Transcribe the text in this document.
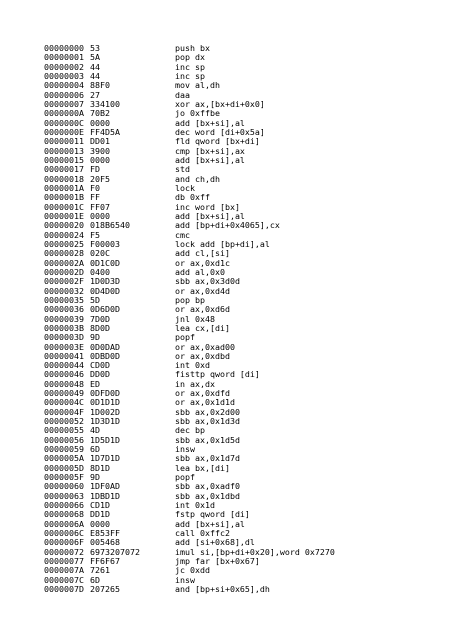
00000000 53	push bx
00000001 5A	pop dx
00000002 44	inc sp
00000003 44	inc sp
00000004 88F0	mov al,dh
00000006 27	daa
00000007 334100	xor ax,[bx+di+0x0]
0000000A 70B2	jo 0xffbe
0000000C 0000	add [bx+si],al
0000000E FF4D5A	dec word [di+0x5a]
00000011 DD01	fld qword [bx+di]
00000013 3900	cmp [bx+si],ax
00000015 0000	add [bx+si],al
00000017 FD	std
00000018 20F5	and ch,dh
0000001A F0	lock
0000001B FF	db 0xff
0000001C FF07	inc word [bx]
0000001E 0000	add [bx+si],al
00000020 018B6540	add [bp+di+0x4065],cx
00000024 F5	cmc
00000025 F00003	lock add [bp+di],al
00000028 020C	add cl,[si]
0000002A 0D1C0D	or ax,0xd1c
0000002D 0400	add al,0x0
0000002F 1D0D3D	sbb ax,0x3d0d
00000032 0D4D0D	or ax,0xd4d
00000035 5D	pop bp
00000036 0D6D0D	or ax,0xd6d
00000039 7D0D	jnl 0x48
0000003B 8D0D	lea cx,[di]
0000003D 9D	popf
0000003E 0D0DAD	or ax,0xad00
00000041 0DBD0D	or ax,0xdbd
00000044 CD0D	int 0xd
00000046 DD0D	fisttp qword [di]
00000048 ED	in ax,dx
00000049 0DFD0D	or ax,0xdfd
0000004C 0D1D1D	or ax,0x1d1d
0000004F 1D002D	sbb ax,0x2d00
00000052 1D3D1D	sbb ax,0x1d3d
00000055 4D	dec bp
00000056 1D5D1D	sbb ax,0x1d5d
00000059 6D	insw
0000005A 1D7D1D	sbb ax,0x1d7d
0000005D 8D1D	lea bx,[di]
0000005F 9D	popf
00000060 1DF0AD	sbb ax,0xadf0
00000063 1DBD1D	sbb ax,0x1dbd
00000066 CD1D	int 0x1d
00000068 DD1D	fstp qword [di]
0000006A 0000	add [bx+si],al
0000006C E853FF	call 0xffc2
0000006F 005468	add [si+0x68],dl
00000072 6973207072	imul si,[bp+di+0x20],word 0x7270
00000077 FF6F67	jmp far [bx+0x67]
0000007A 7261	jc 0xdd
0000007C 6D	insw
0000007D 207265	and [bp+si+0x65],dh
